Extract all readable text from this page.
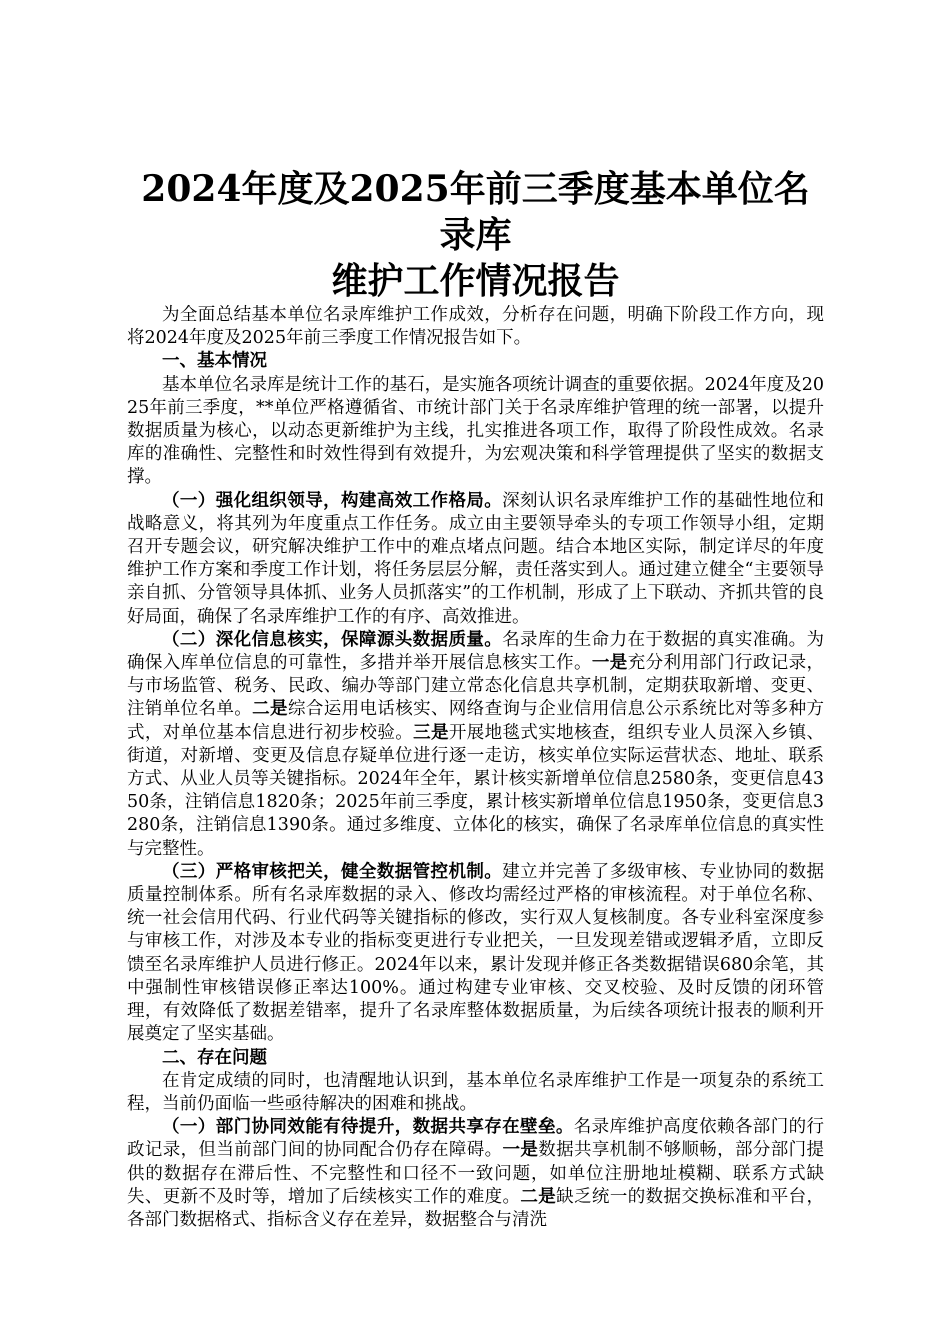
2024年度及2025年前三季度基本单位名录库
维护工作情况报告

为全面总结基本单位名录库维护工作成效，分析存在问题，明确下阶段工作方向，现将2024年度及2025年前三季度工作情况报告如下。

一、基本情况

基本单位名录库是统计工作的基石，是实施各项统计调查的重要依据。2024年度及2025年前三季度，**单位严格遵循省、市统计部门关于名录库维护管理的统一部署，以提升数据质量为核心，以动态更新维护为主线，扎实推进各项工作，取得了阶段性成效。名录库的准确性、完整性和时效性得到有效提升，为宏观决策和科学管理提供了坚实的数据支撑。

（一）强化组织领导，构建高效工作格局。深刻认识名录库维护工作的基础性地位和战略意义，将其列为年度重点工作任务。成立由主要领导牵头的专项工作领导小组，定期召开专题会议，研究解决维护工作中的难点堵点问题。结合本地区实际，制定详尽的年度维护工作方案和季度工作计划，将任务层层分解，责任落实到人。通过建立健全“主要领导亲自抓、分管领导具体抓、业务人员抓落实”的工作机制，形成了上下联动、齐抓共管的良好局面，确保了名录库维护工作的有序、高效推进。

（二）深化信息核实，保障源头数据质量。名录库的生命力在于数据的真实准确。为确保入库单位信息的可靠性，多措并举开展信息核实工作。一是充分利用部门行政记录，与市场监管、税务、民政、编办等部门建立常态化信息共享机制，定期获取新增、变更、注销单位名单。二是综合运用电话核实、网络查询与企业信用信息公示系统比对等多种方式，对单位基本信息进行初步校验。三是开展地毯式实地核查，组织专业人员深入乡镇、街道，对新增、变更及信息存疑单位进行逐一走访，核实单位实际运营状态、地址、联系方式、从业人员等关键指标。2024年全年，累计核实新增单位信息2580条，变更信息4350条，注销信息1820条；2025年前三季度，累计核实新增单位信息1950条，变更信息3280条，注销信息1390条。通过多维度、立体化的核实，确保了名录库单位信息的真实性与完整性。

（三）严格审核把关，健全数据管控机制。建立并完善了多级审核、专业协同的数据质量控制体系。所有名录库数据的录入、修改均需经过严格的审核流程。对于单位名称、统一社会信用代码、行业代码等关键指标的修改，实行双人复核制度。各专业科室深度参与审核工作，对涉及本专业的指标变更进行专业把关，一旦发现差错或逻辑矛盾，立即反馈至名录库维护人员进行修正。2024年以来，累计发现并修正各类数据错误680余笔，其中强制性审核错误修正率达100%。通过构建专业审核、交叉校验、及时反馈的闭环管理，有效降低了数据差错率，提升了名录库整体数据质量，为后续各项统计报表的顺利开展奠定了坚实基础。

二、存在问题

在肯定成绩的同时，也清醒地认识到，基本单位名录库维护工作是一项复杂的系统工程，当前仍面临一些亟待解决的困难和挑战。

（一）部门协同效能有待提升，数据共享存在壁垒。名录库维护高度依赖各部门的行政记录，但当前部门间的协同配合仍存在障碍。一是数据共享机制不够顺畅，部分部门提供的数据存在滞后性、不完整性和口径不一致问题，如单位注册地址模糊、联系方式缺失、更新不及时等，增加了后续核实工作的难度。二是缺乏统一的数据交换标准和平台，各部门数据格式、指标含义存在差异，数据整合与清洗
